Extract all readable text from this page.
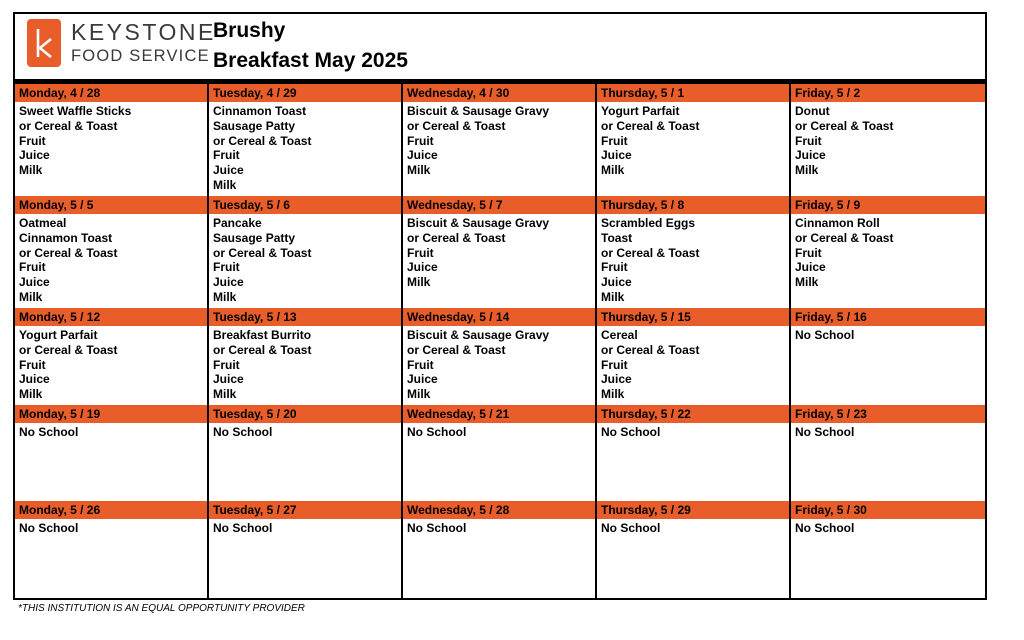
KEYSTONE
FOOD SERVICE
Brushy
Breakfast May 2025
Monday, 4 / 28
Sweet Waffle Sticks
or Cereal & Toast
Fruit
Juice
Milk
Tuesday, 4 / 29
Cinnamon Toast
Sausage Patty
or Cereal & Toast
Fruit
Juice
Milk
Wednesday, 4 / 30
Biscuit & Sausage Gravy
or Cereal & Toast
Fruit
Juice
Milk
Thursday, 5 / 1
Yogurt Parfait
or Cereal & Toast
Fruit
Juice
Milk
Friday, 5 / 2
Donut
or Cereal & Toast
Fruit
Juice
Milk
Monday, 5 / 5
Oatmeal
Cinnamon Toast
or Cereal & Toast
Fruit
Juice
Milk
Tuesday, 5 / 6
Pancake
Sausage Patty
or Cereal & Toast
Fruit
Juice
Milk
Wednesday, 5 / 7
Biscuit & Sausage Gravy
or Cereal & Toast
Fruit
Juice
Milk
Thursday, 5 / 8
Scrambled Eggs
Toast
or Cereal & Toast
Fruit
Juice
Milk
Friday, 5 / 9
Cinnamon Roll
or Cereal & Toast
Fruit
Juice
Milk
Monday, 5 / 12
Yogurt Parfait
or Cereal & Toast
Fruit
Juice
Milk
Tuesday, 5 / 13
Breakfast Burrito
or Cereal & Toast
Fruit
Juice
Milk
Wednesday, 5 / 14
Biscuit & Sausage Gravy
or Cereal & Toast
Fruit
Juice
Milk
Thursday, 5 / 15
Cereal
or Cereal & Toast
Fruit
Juice
Milk
Friday, 5 / 16
No School
Monday, 5 / 19
No School
Tuesday, 5 / 20
No School
Wednesday, 5 / 21
No School
Thursday, 5 / 22
No School
Friday, 5 / 23
No School
Monday, 5 / 26
No School
Tuesday, 5 / 27
No School
Wednesday, 5 / 28
No School
Thursday, 5 / 29
No School
Friday, 5 / 30
No School
*THIS INSTITUTION IS AN EQUAL OPPORTUNITY PROVIDER
